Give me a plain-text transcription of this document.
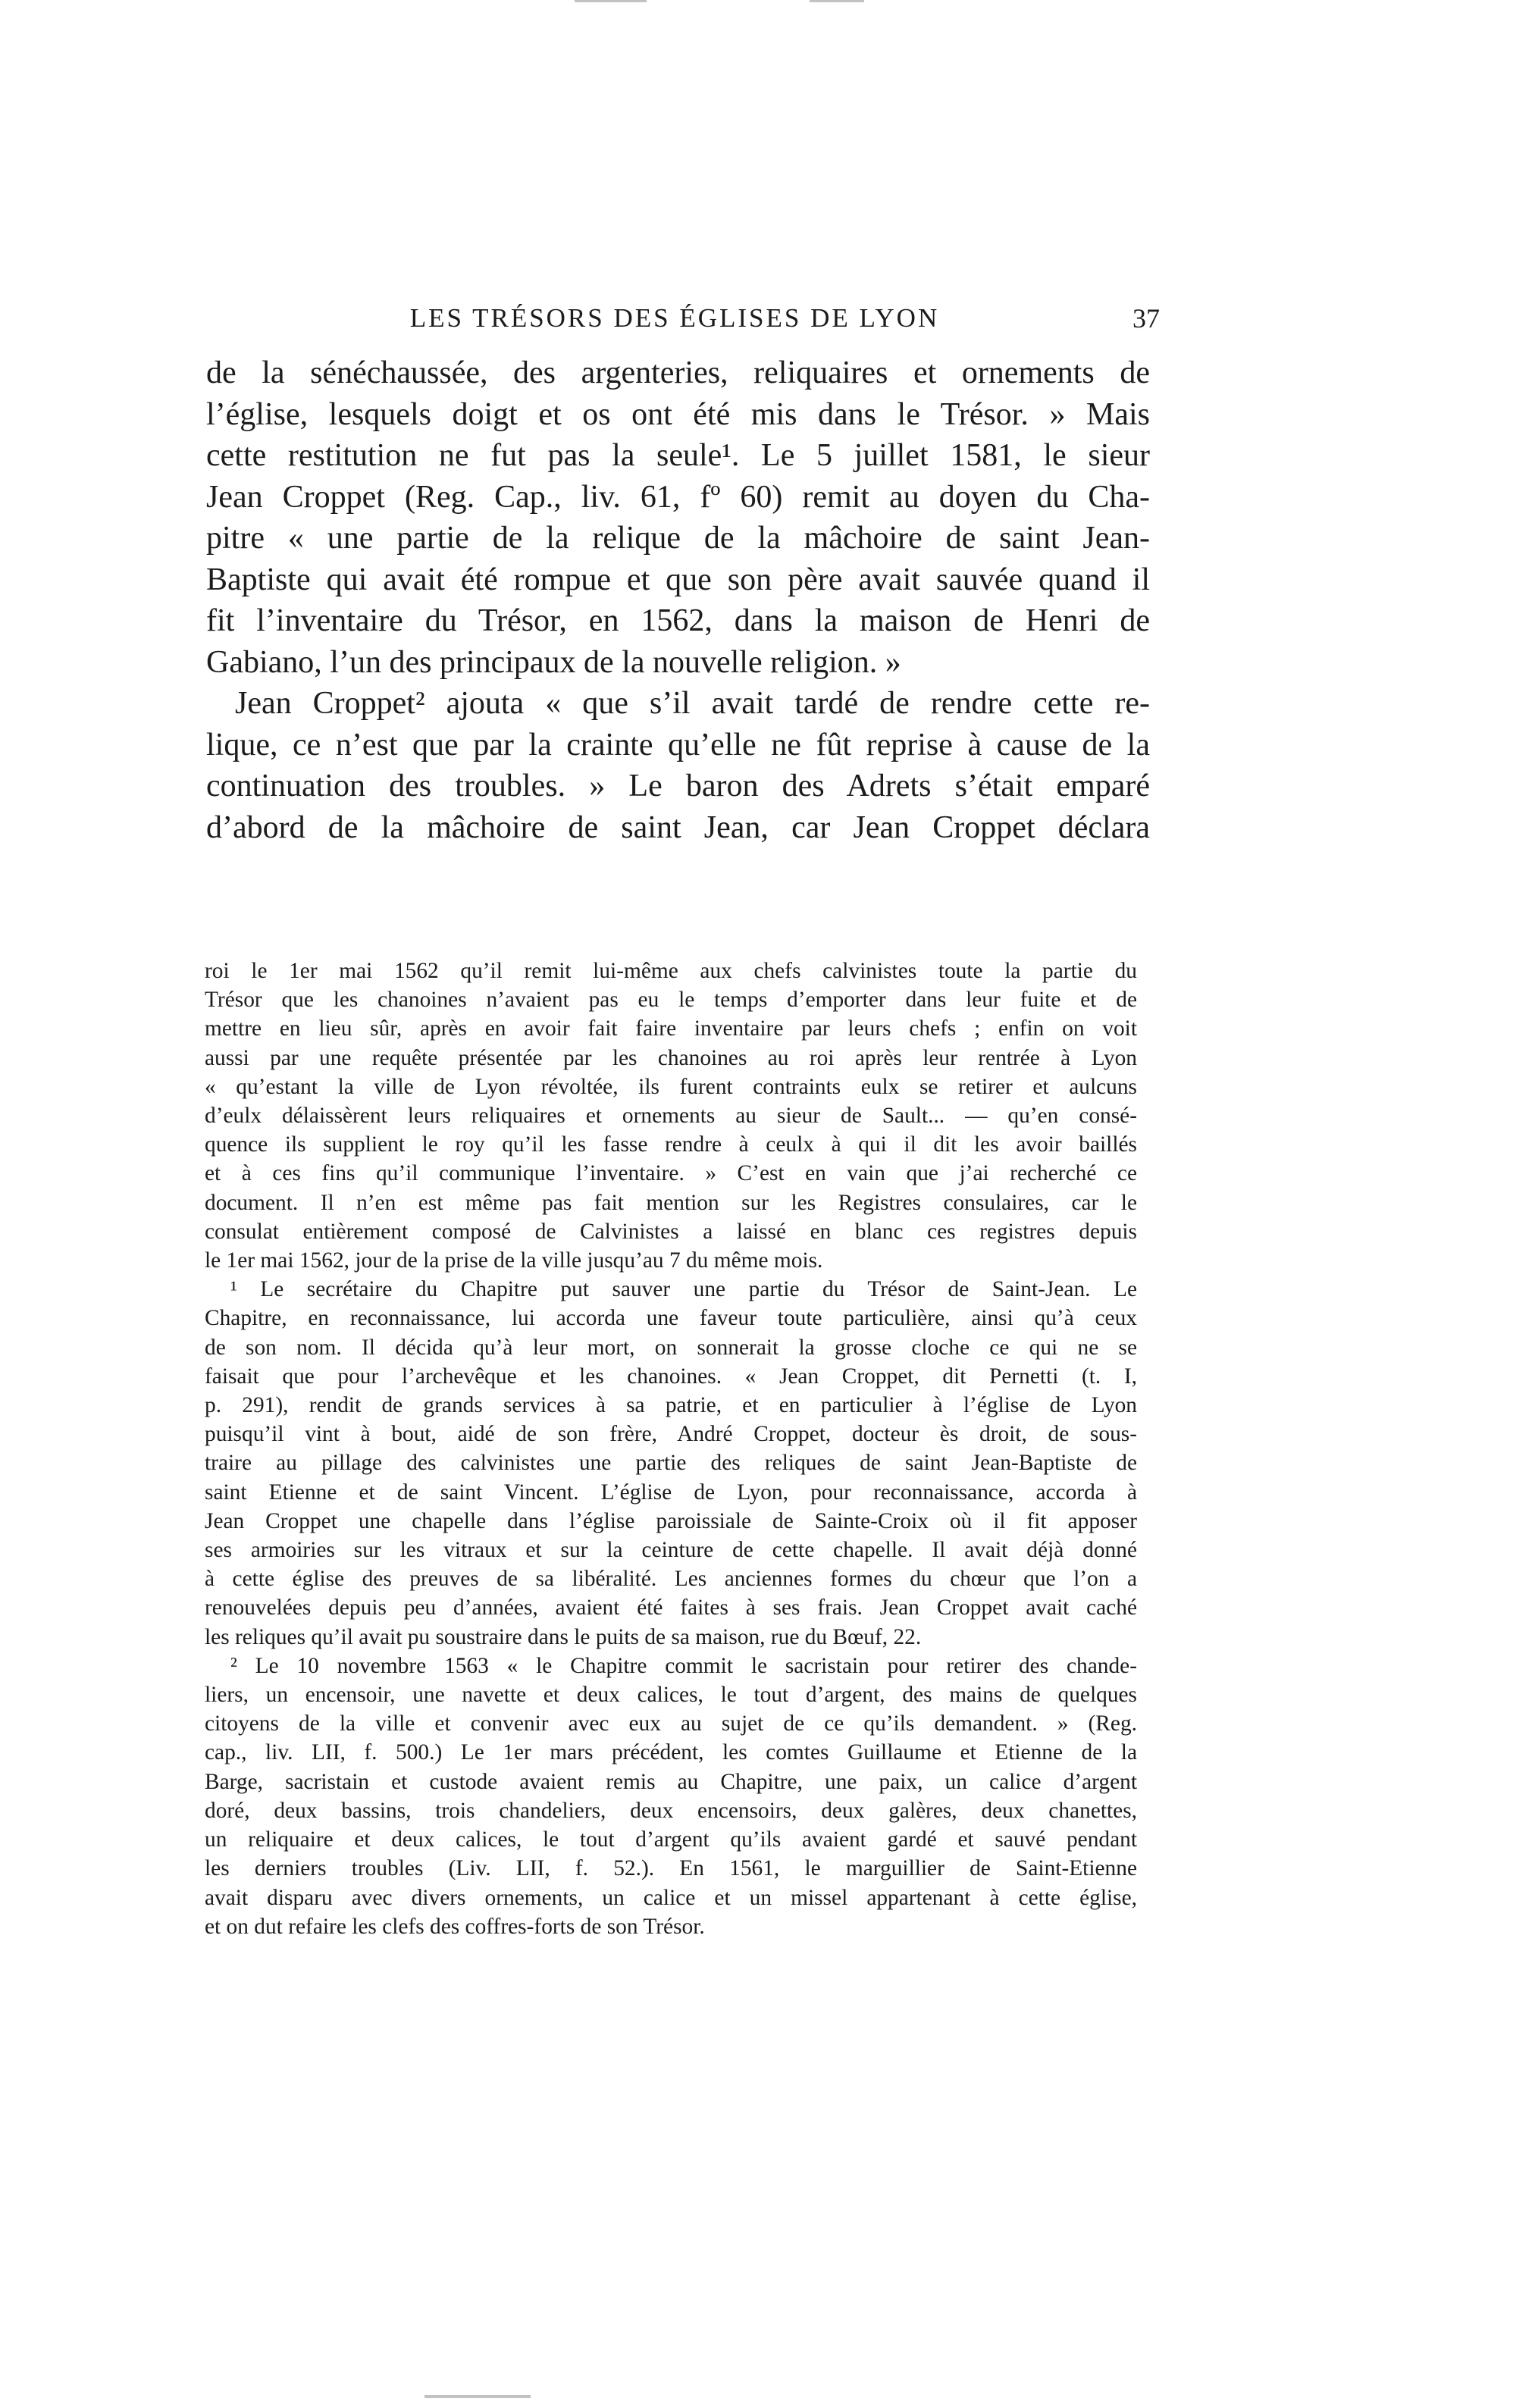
LES TRÉSORS DES ÉGLISES DE LYON	37
de la sénéchaussée, des argenteries, reliquaires et ornements de
l’église, lesquels doigt et os ont été mis dans le Trésor. » Mais
cette restitution ne fut pas la seule¹. Le 5 juillet 1581, le sieur
Jean Croppet (Reg. Cap., liv. 61, fº 60) remit au doyen du Cha-
pitre « une partie de la relique de la mâchoire de saint Jean-
Baptiste qui avait été rompue et que son père avait sauvée quand il
fit l’inventaire du Trésor, en 1562, dans la maison de Henri de
Gabiano, l’un des principaux de la nouvelle religion. »
Jean Croppet² ajouta « que s’il avait tardé de rendre cette re-
lique, ce n’est que par la crainte qu’elle ne fût reprise à cause de la
continuation des troubles. » Le baron des Adrets s’était emparé
d’abord de la mâchoire de saint Jean, car Jean Croppet déclara
roi le 1er mai 1562 qu’il remit lui-même aux chefs calvinistes toute la partie du
Trésor que les chanoines n’avaient pas eu le temps d’emporter dans leur fuite et de
mettre en lieu sûr, après en avoir fait faire inventaire par leurs chefs ; enfin on voit
aussi par une requête présentée par les chanoines au roi après leur rentrée à Lyon
« qu’estant la ville de Lyon révoltée, ils furent contraints eulx se retirer et aulcuns
d’eulx délaissèrent leurs reliquaires et ornements au sieur de Sault... — qu’en consé-
quence ils supplient le roy qu’il les fasse rendre à ceulx à qui il dit les avoir baillés
et à ces fins qu’il communique l’inventaire. » C’est en vain que j’ai recherché ce
document. Il n’en est même pas fait mention sur les Registres consulaires, car le
consulat entièrement composé de Calvinistes a laissé en blanc ces registres depuis
le 1er mai 1562, jour de la prise de la ville jusqu’au 7 du même mois.
¹ Le secrétaire du Chapitre put sauver une partie du Trésor de Saint-Jean. Le
Chapitre, en reconnaissance, lui accorda une faveur toute particulière, ainsi qu’à ceux
de son nom. Il décida qu’à leur mort, on sonnerait la grosse cloche ce qui ne se
faisait que pour l’archevêque et les chanoines. « Jean Croppet, dit Pernetti (t. I,
p. 291), rendit de grands services à sa patrie, et en particulier à l’église de Lyon
puisqu’il vint à bout, aidé de son frère, André Croppet, docteur ès droit, de sous-
traire au pillage des calvinistes une partie des reliques de saint Jean-Baptiste de
saint Etienne et de saint Vincent. L’église de Lyon, pour reconnaissance, accorda à
Jean Croppet une chapelle dans l’église paroissiale de Sainte-Croix où il fit apposer
ses armoiries sur les vitraux et sur la ceinture de cette chapelle. Il avait déjà donné
à cette église des preuves de sa libéralité. Les anciennes formes du chœur que l’on a
renouvelées depuis peu d’années, avaient été faites à ses frais. Jean Croppet avait caché
les reliques qu’il avait pu soustraire dans le puits de sa maison, rue du Bœuf, 22.
² Le 10 novembre 1563 « le Chapitre commit le sacristain pour retirer des chande-
liers, un encensoir, une navette et deux calices, le tout d’argent, des mains de quelques
citoyens de la ville et convenir avec eux au sujet de ce qu’ils demandent. » (Reg.
cap., liv. LII, f. 500.) Le 1er mars précédent, les comtes Guillaume et Etienne de la
Barge, sacristain et custode avaient remis au Chapitre, une paix, un calice d’argent
doré, deux bassins, trois chandeliers, deux encensoirs, deux galères, deux chanettes,
un reliquaire et deux calices, le tout d’argent qu’ils avaient gardé et sauvé pendant
les derniers troubles (Liv. LII, f. 52.). En 1561, le marguillier de Saint-Etienne
avait disparu avec divers ornements, un calice et un missel appartenant à cette église,
et on dut refaire les clefs des coffres-forts de son Trésor.
